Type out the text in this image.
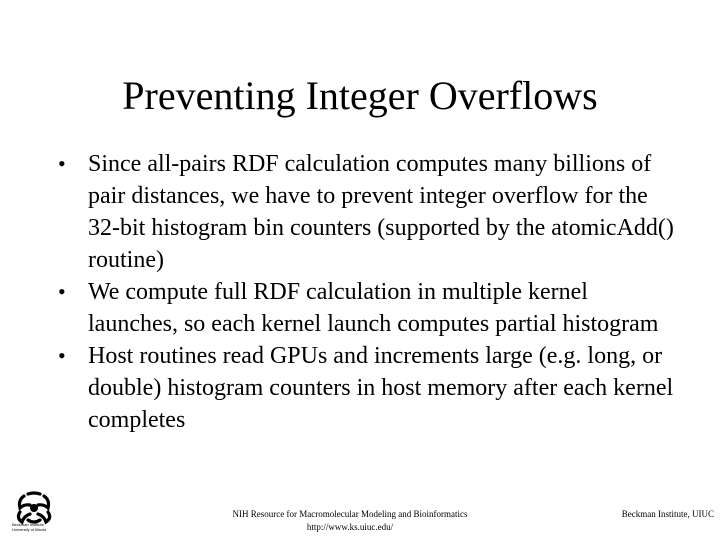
Preventing Integer Overflows
• Since all-pairs RDF calculation computes many billions of pair distances, we have to prevent integer overflow for the 32-bit histogram bin counters (supported by the atomicAdd() routine)
• We compute full RDF calculation in multiple kernel launches, so each kernel launch computes partial histogram
• Host routines read GPUs and increments large (e.g. long, or double) histogram counters in host memory after each kernel completes
Beckman Institute
University of Illinois
NIH Resource for Macromolecular Modeling and Bioinformatics
http://www.ks.uiuc.edu/
Beckman Institute, UIUC
